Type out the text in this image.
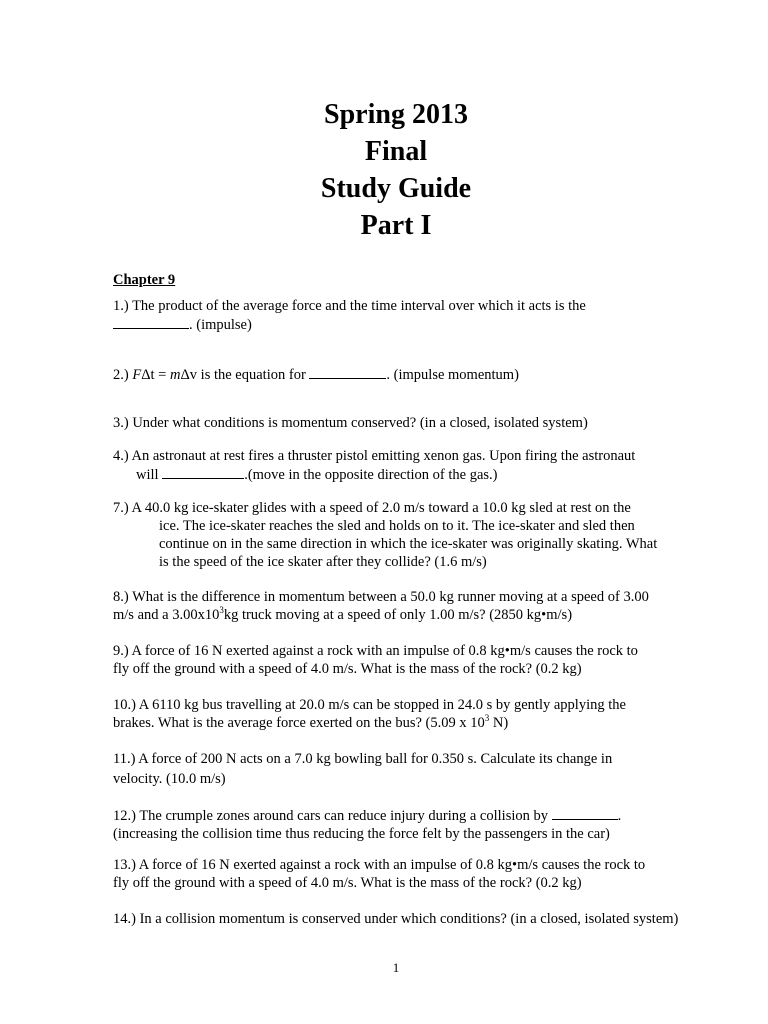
Spring 2013
Final
Study Guide
Part I
Chapter 9
1.) The product of the average force and the time interval over which it acts is the
. (impulse)
2.) FΔt = mΔv is the equation for	. (impulse momentum)
3.) Under what conditions is momentum conserved? (in a closed, isolated system)
4.) An astronaut at rest fires a thruster pistol emitting xenon gas. Upon firing the astronaut
will	.(move in the opposite direction of the gas.)
7.) A 40.0 kg ice-skater glides with a speed of 2.0 m/s toward a 10.0 kg sled at rest on the
ice. The ice-skater reaches the sled and holds on to it. The ice-skater and sled then
continue on in the same direction in which the ice-skater was originally skating. What
is the speed of the ice skater after they collide? (1.6 m/s)
8.) What is the difference in momentum between a 50.0 kg runner moving at a speed of 3.00
m/s and a $3.00x10^3kg$ truck moving at a speed of only 1.00 m/s? (2850 kg•m/s)
9.) A force of 16 N exerted against a rock with an impulse of 0.8 kg•m/s causes the rock to
fly off the ground with a speed of 4.0 m/s. What is the mass of the rock? (0.2 kg)
10.) A 6110 kg bus travelling at 20.0 m/s can be stopped in 24.0 s by gently applying the
brakes. What is the average force exerted on the bus? (5.09 x $10^3$ N)
11.) A force of 200 N acts on a 7.0 kg bowling ball for 0.350 s. Calculate its change in
velocity. (10.0 m/s)
12.) The crumple zones around cars can reduce injury during a collision by	.
(increasing the collision time thus reducing the force felt by the passengers in the car)
13.) A force of 16 N exerted against a rock with an impulse of 0.8 kg•m/s causes the rock to
fly off the ground with a speed of 4.0 m/s. What is the mass of the rock? (0.2 kg)
14.) In a collision momentum is conserved under which conditions? (in a closed, isolated system)
1
